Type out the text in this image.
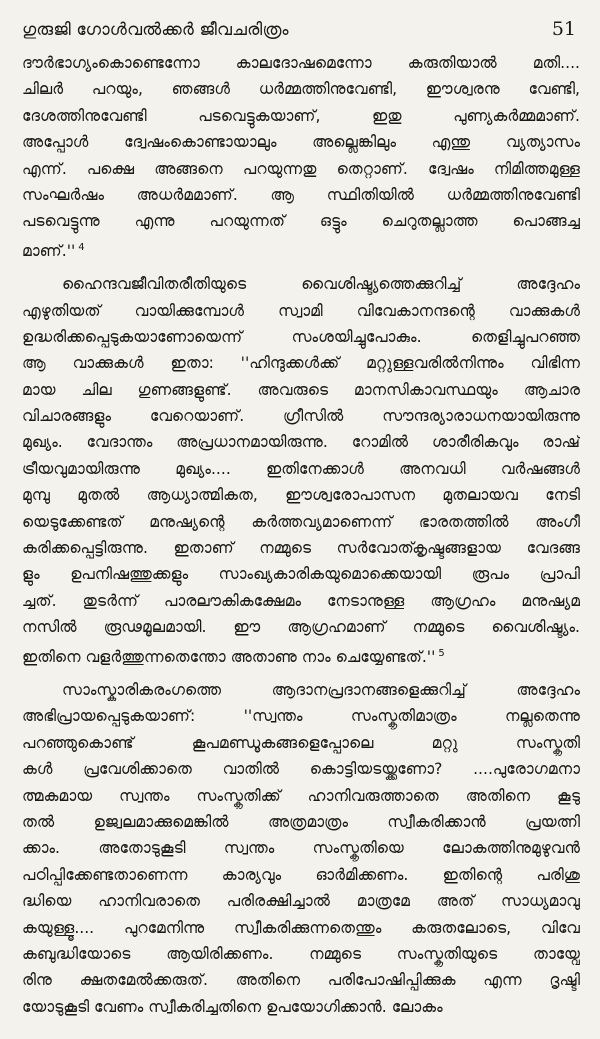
ഗുരുജി ഗോൾവൽക്കർ ജീവചരിത്രം	51
ദൗർഭാഗ്യംകൊണ്ടെന്നോ കാലദോഷമെന്നോ കരുതിയാൽ മതി....
ചിലർ പറയും, ഞങ്ങൾ ധർമ്മത്തിനുവേണ്ടി, ഈശ്വരനു വേണ്ടി,
ദേശത്തിനുവേണ്ടി പടവെട്ടുകയാണ്, ഇതു പുണ്യകർമ്മമാണ്.
അപ്പോൾ ദ്വേഷംകൊണ്ടായാലും അല്ലെങ്കിലും എന്തു വ്യത്യാസം
എന്ന്. പക്ഷെ അങ്ങനെ പറയുന്നതു തെറ്റാണ്. ദ്വേഷം നിമിത്തമുള്ള
സംഘർഷം അധർമമാണ്. ആ സ്ഥിതിയിൽ ധർമ്മത്തിനുവേണ്ടി
പടവെട്ടുന്നു എന്നു പറയുന്നത് ഒട്ടും ചെറുതല്ലാത്ത പൊങ്ങച്ച
മാണ്.'' $^4$
ഹൈന്ദവജീവിതരീതിയുടെ വൈശിഷ്ട്യത്തെക്കുറിച്ച് അദ്ദേഹം
എഴുതിയത് വായിക്കുമ്പോൾ സ്വാമി വിവേകാനന്ദന്റെ വാക്കുകൾ
ഉദ്ധരിക്കപ്പെടുകയാണോയെന്ന് സംശയിച്ചുപോകും. തെളിച്ചുപറഞ്ഞ
ആ വാക്കുകൾ ഇതാ: ''ഹിന്ദുക്കൾക്ക് മറ്റുള്ളവരിൽനിന്നും വിഭിന്ന
മായ ചില ഗുണങ്ങളുണ്ട്. അവരുടെ മാനസികാവസ്ഥയും ആചാര
വിചാരങ്ങളും വേറെയാണ്. ഗ്രീസിൽ സൗന്ദര്യാരാധനയായിരുന്നു
മുഖ്യം. വേദാന്തം അപ്രധാനമായിരുന്നു. റോമിൽ ശാരീരികവും രാഷ്
ട്രീയവുമായിരുന്നു മുഖ്യം.... ഇതിനേക്കാൾ അനവധി വർഷങ്ങൾ
മുമ്പു മുതൽ ആധ്യാത്മികത, ഈശ്വരോപാസന മുതലായവ നേടി
യെടുക്കേണ്ടത് മനുഷ്യന്റെ കർത്തവ്യമാണെന്ന് ഭാരതത്തിൽ അംഗീ
കരിക്കപ്പെട്ടിരുന്നു. ഇതാണ് നമ്മുടെ സർവോത്കൃഷ്ടങ്ങളായ വേദങ്ങ
ളും ഉപനിഷത്തുക്കളും സാംഖ്യകാരികയുമൊക്കെയായി രൂപം പ്രാപി
ച്ചത്. തുടർന്ന് പാരലൗകികക്ഷേമം നേടാനുള്ള ആഗ്രഹം മനുഷ്യമ
നസിൽ രൂഢമൂലമായി. ഈ ആഗ്രഹമാണ് നമ്മുടെ വൈശിഷ്ട്യം.
ഇതിനെ വളർത്തുന്നതെന്തോ അതാണു നാം ചെയ്യേണ്ടത്.'' $^5$
സാംസ്കാരികരംഗത്തെ ആദാനപ്രദാനങ്ങളെക്കുറിച്ച് അദ്ദേഹം
അഭിപ്രായപ്പെടുകയാണ്: ''സ്വന്തം സംസ്കൃതിമാത്രം നല്ലതെന്നു
പറഞ്ഞുകൊണ്ട് കൂപമണ്ഡൂകങ്ങളെപ്പോലെ മറ്റു സംസ്കൃതി
കൾ പ്രവേശിക്കാതെ വാതിൽ കൊട്ടിയടയ്ക്കണോ? ....പുരോഗമനാ
ത്മകമായ സ്വന്തം സംസ്കൃതിക്ക് ഹാനിവരുത്താതെ അതിനെ കൂടു
തൽ ഉജ്വലമാക്കുമെങ്കിൽ അത്രമാത്രം സ്വീകരിക്കാൻ പ്രയത്നി
ക്കാം. അതോടുകൂടി സ്വന്തം സംസ്കൃതിയെ ലോകത്തിനുമുഴുവൻ
പഠിപ്പിക്കേണ്ടതാണെന്ന കാര്യവും ഓർമിക്കണം. ഇതിന്റെ പരിശു
ദ്ധിയെ ഹാനിവരാതെ പരിരക്ഷിച്ചാൽ മാത്രമേ അത് സാധ്യമാവു
കയുള്ളൂ.... പുറമേനിന്നു സ്വീകരിക്കുന്നതെന്തും കരുതലോടെ, വിവേ
കബുദ്ധിയോടെ ആയിരിക്കണം. നമ്മുടെ സംസ്കൃതിയുടെ തായ്വേ
രിനു ക്ഷതമേൽക്കരുത്. അതിനെ പരിപോഷിപ്പിക്കുക എന്ന ദൃഷ്ടി
യോടുകൂടി വേണം സ്വീകരിച്ചതിനെ ഉപയോഗിക്കാൻ. ലോകം
